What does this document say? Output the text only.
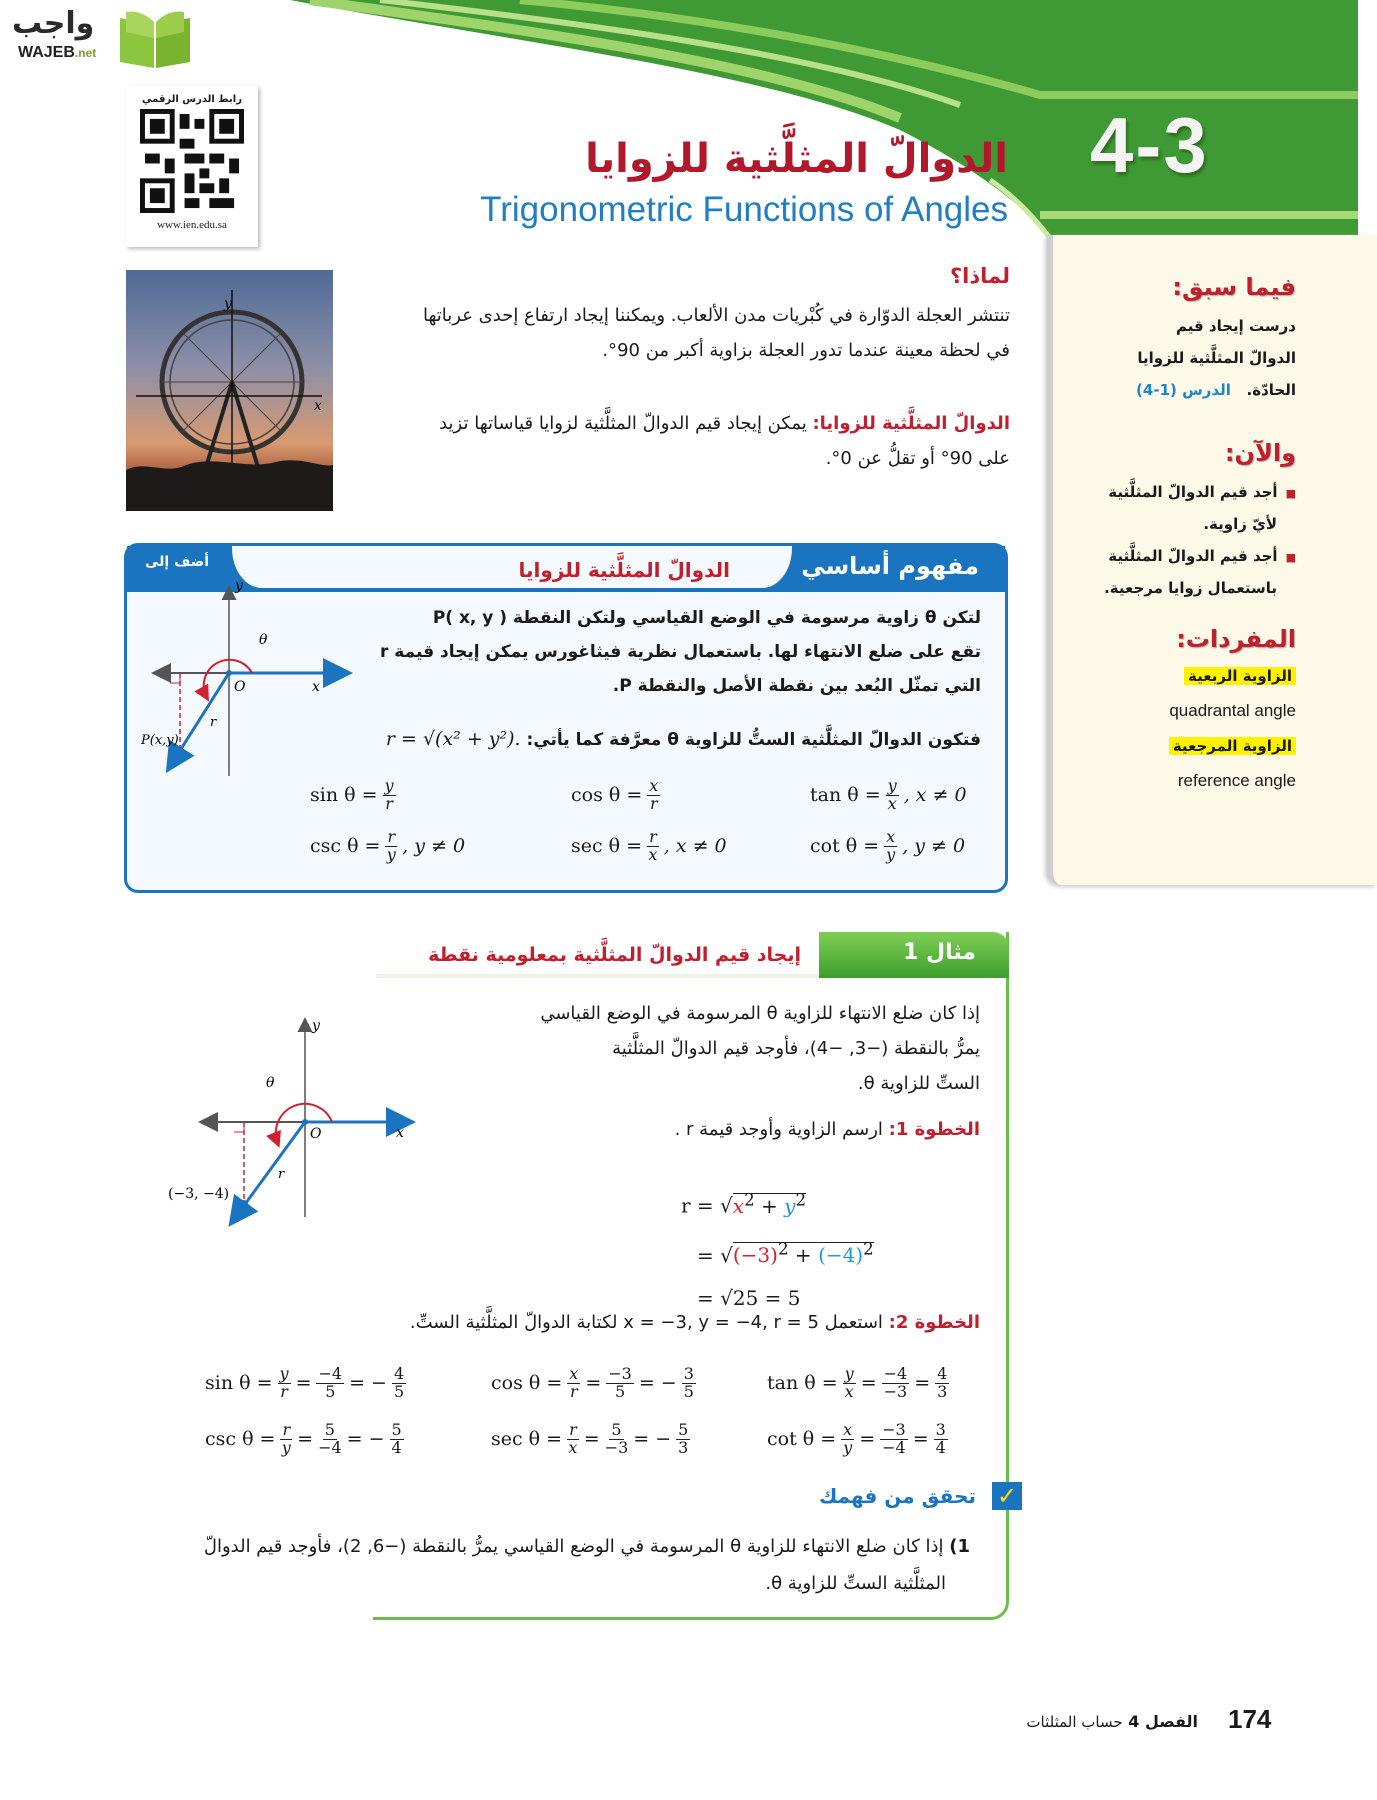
4-3
واجب
WAJEB.net
رابط الدرس الرقمي
www.ien.edu.sa
الدوالّ المثلَّثية للزوايا
Trigonometric Functions of Angles
y
x
لماذا؟
تنتشر العجلة الدوّارة في كُبْريات مدن الألعاب. ويمكننا إيجاد ارتفاع إحدى عرباتها في لحظة معينة عندما تدور العجلة بزاوية أكبر من 90°.
الدوالّ المثلَّثية للزوايا: يمكن إيجاد قيم الدوالّ المثلَّثية لزوايا قياساتها تزيد على 90° أو تقلُّ عن 0°.
فيما سبق:
درست إيجاد قيم
الدوالّ المثلَّثية للزوايا
الحادّة.   الدرس (1-4)
والآن:
■أجد قيم الدوالّ المثلَّثية
لأيّ زاوية.
■أجد قيم الدوالّ المثلَّثية
باستعمال زوايا مرجعية.
المفردات:
الزاوية الربعية
quadrantal angle
الزاوية المرجعية
reference angle
مفهوم أساسي
أضف إلى	الدوالّ المثلَّثية للزوايا
لتكن θ زاوية مرسومة في الوضع القياسي ولتكن النقطة P( x, y )
تقع على ضلع الانتهاء لها. باستعمال نظرية فيثاغورس يمكن إيجاد قيمة r
التي تمثّل البُعد بين نقطة الأصل والنقطة P.
فتكون الدوالّ المثلَّثية الستُّ للزاوية θ معرَّفة كما يأتي: r = √(x² + y²).
y
x
O
θ
r
P(x,y)
$\sin \theta = \frac{y}{r}$	$\cos \theta = \frac{x}{r}$	$\tan \theta = \frac{y}{x}$ , x ≠ 0
$\csc \theta = \frac{r}{y}$ , y ≠ 0	$\sec \theta = \frac{r}{x}$ , x ≠ 0	$\cot \theta = \frac{x}{y}$ , y ≠ 0
مثال 1
إيجاد قيم الدوالّ المثلَّثية بمعلومية نقطة
إذا كان ضلع الانتهاء للزاوية θ المرسومة في الوضع القياسي
يمرُّ بالنقطة (−3, −4)، فأوجد قيم الدوالّ المثلَّثية
الستِّ للزاوية θ.
الخطوة 1: ارسم الزاوية وأوجد قيمة r .
$r = √x^2 + y^2$
= $√(-3)^2 + (-4)^2$
= √25 = 5
الخطوة 2: استعمل x = −3, y = −4, r = 5 لكتابة الدوالّ المثلَّثية الستِّ.
y
x
O
θ
r
(−3, −4)
$\sin \theta = \frac{y}{r} = \frac{-4}{5}$ = − $\frac{4}{5}$	$\cos \theta = \frac{x}{r} = \frac{-3}{5}$ = − $\frac{3}{5}$	$\tan \theta = \frac{y}{x} = \frac{-4}{-3} = \frac{4}{3}$
$\csc \theta = \frac{r}{y} = \frac{5}{-4}$ = − $\frac{5}{4}$	$\sec \theta = \frac{r}{x} = \frac{5}{-3}$ = − $\frac{5}{3}$	$\cot \theta = \frac{x}{y} = \frac{-3}{-4} = \frac{3}{4}$
✓
تحقق من فهمك
1) إذا كان ضلع الانتهاء للزاوية θ المرسومة في الوضع القياسي يمرُّ بالنقطة (−6, 2)، فأوجد قيم الدوالّ
المثلَّثية الستِّ للزاوية θ.
174
الفصل 4 حساب المثلثات
